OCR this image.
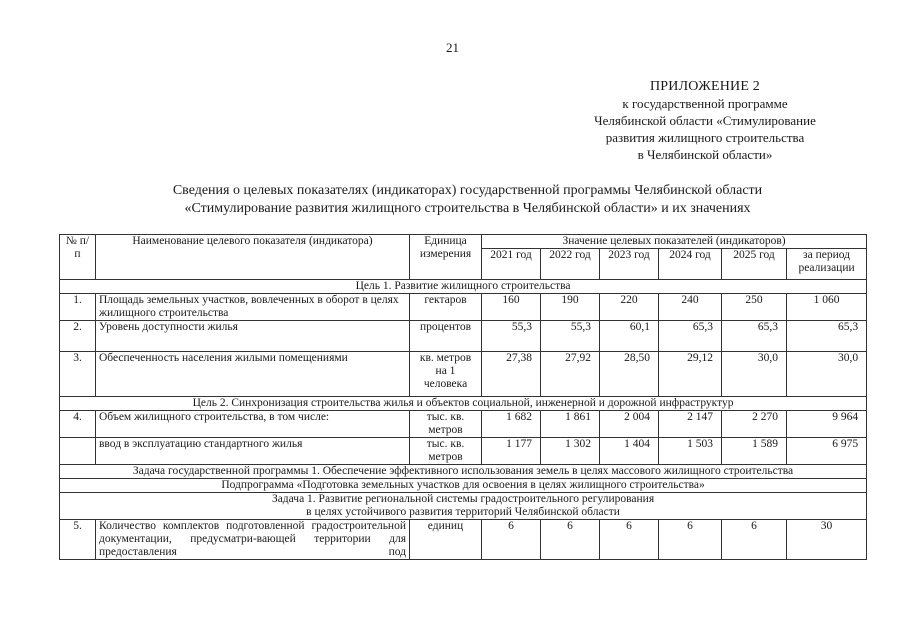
21
ПРИЛОЖЕНИЕ 2
к государственной программе
Челябинской области «Стимулирование
развития жилищного строительства
в Челябинской области»
Сведения о целевых показателях (индикаторах) государственной программы Челябинской области
«Стимулирование развития жилищного строительства в Челябинской области» и их значениях
№ п/п	Наименование целевого показателя (индикатора)	Единица измерения	Значение целевых показателей (индикаторов)					
			2021 год	2022 год	2023 год	2024 год	2025 год	за период реализации
Цель 1. Развитие жилищного строительства								
1.	Площадь земельных участков, вовлеченных в оборот в целях жилищного строительства	гектаров	160	190	220	240	250	1 060
2.	Уровень доступности жилья	процентов	55,3	55,3	60,1	65,3	65,3	65,3
3.	Обеспеченность населения жилыми помещениями	кв. метров на 1 человека	27,38	27,92	28,50	29,12	30,0	30,0
Цель 2. Синхронизация строительства жилья и объектов социальной, инженерной и дорожной инфраструктур								
4.	Объем жилищного строительства, в том числе:	тыс. кв. метров	1 682	1 861	2 004	2 147	2 270	9 964
	ввод в эксплуатацию стандартного жилья	тыс. кв. метров	1 177	1 302	1 404	1 503	1 589	6 975
Задача государственной программы 1. Обеспечение эффективного использования земель в целях массового жилищного строительства								
Подпрограмма «Подготовка земельных участков для освоения в целях жилищного строительства»								

Задача 1. Развитие региональной системы градостроительного регулирования
в целях устойчивого развития территорий Челябинской области								

5.	Количество комплектов подготовленной градостроительной документации, предусматри-вающей территории для предоставления под	единиц	6	6	6	6	6	30
